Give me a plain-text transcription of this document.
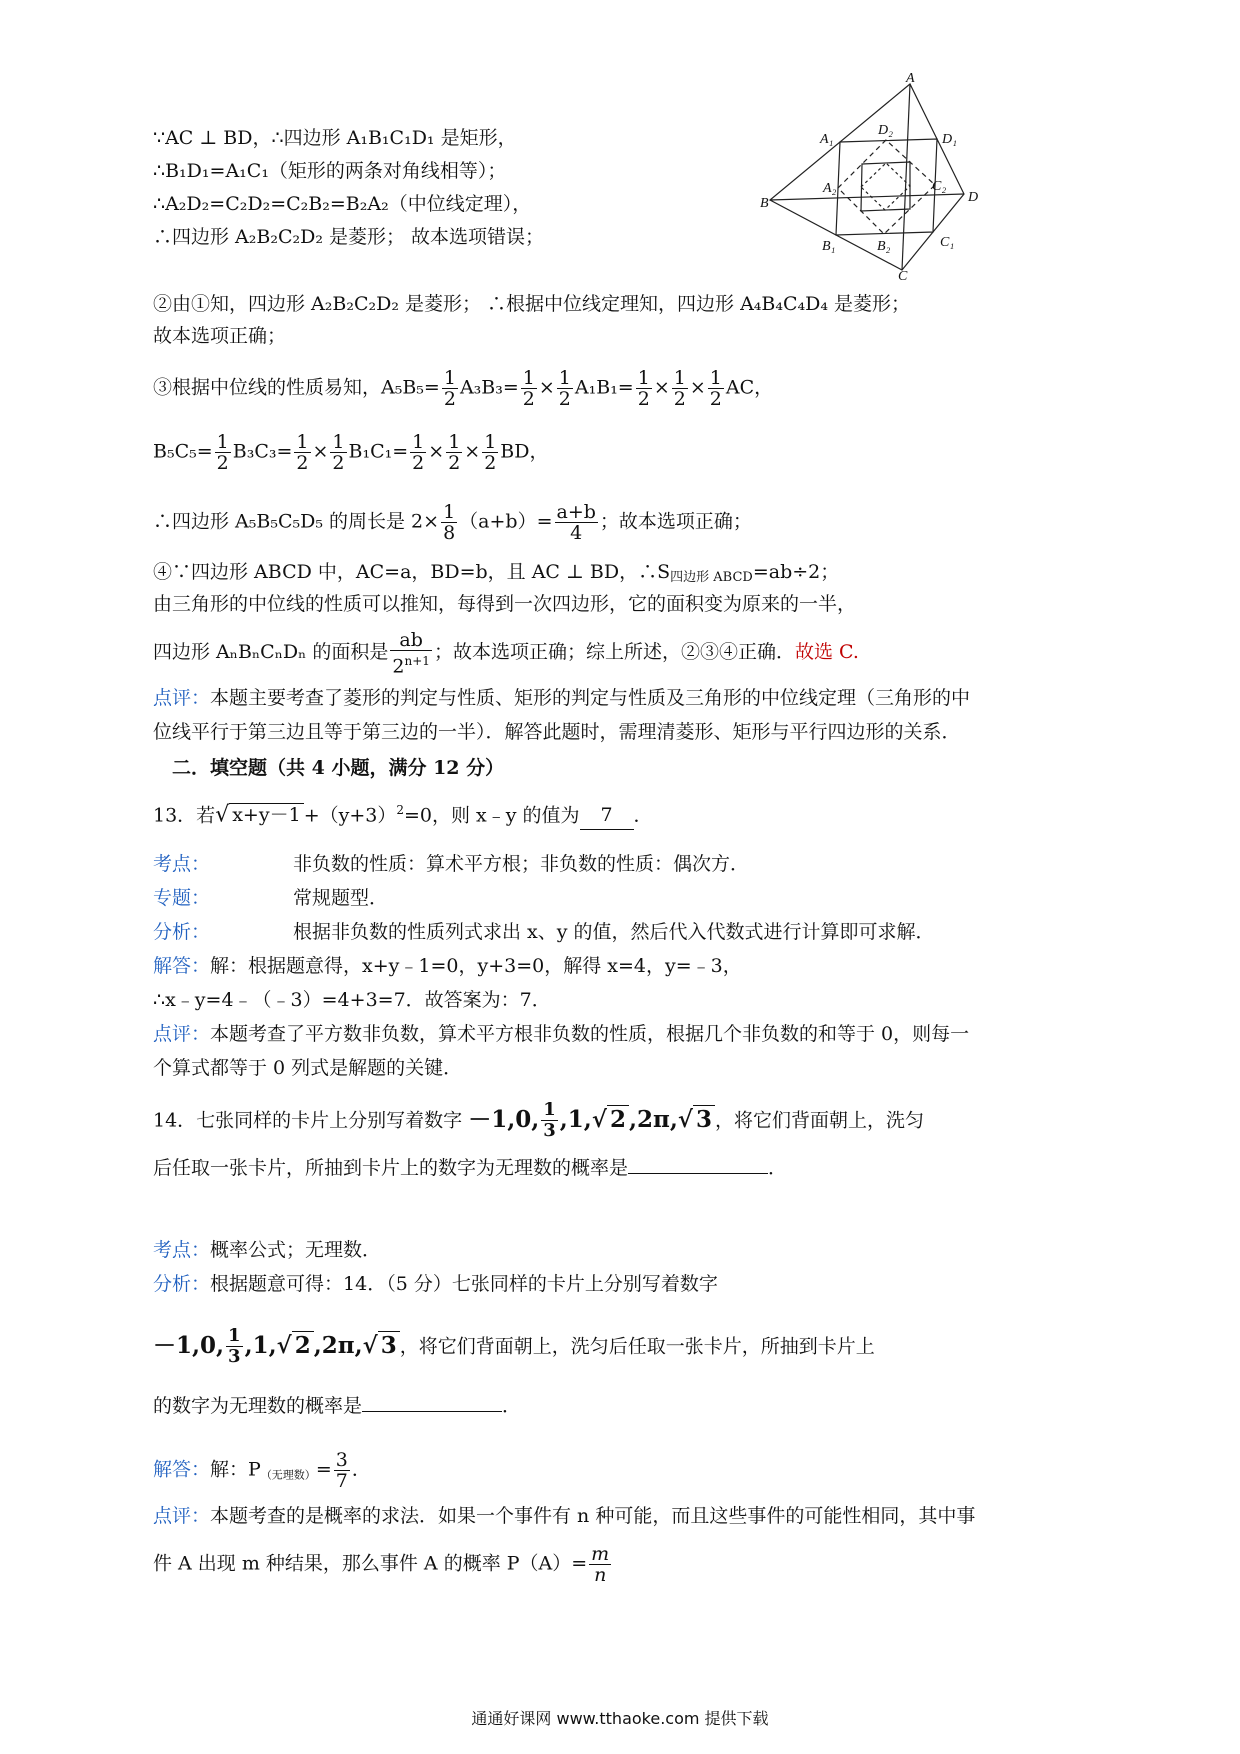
A
A₁
D₂
D₁
B
A₂	C₂
D
B₁	B₂	C₁
C
∵AC ⊥ BD，∴四边形 A₁B₁C₁D₁ 是矩形，
∴B₁D₁=A₁C₁（矩形的两条对角线相等）；
∴A₂D₂=C₂D₂=C₂B₂=B₂A₂（中位线定理），
∴四边形 A₂B₂C₂D₂ 是菱形； 故本选项错误；
②由①知，四边形 A₂B₂C₂D₂ 是菱形； ∴根据中位线定理知，四边形 A₄B₄C₄D₄ 是菱形；
故本选项正确；
③根据中位线的性质易知，$A_5B_5= \frac{1}{2} A_3B_3= \frac{1}{2} \times \frac{1}{2} A_1B_1= \frac{1}{2} \times \frac{1}{2} \times \frac{1}{2}$ AC，
$B_5C_5= \frac{1}{2} B_3C_3= \frac{1}{2} \times \frac{1}{2} B_1C_1= \frac{1}{2} \times \frac{1}{2} \times \frac{1}{2}$ BD，
∴四边形 A₅B₅C₅D₅ 的周长是 $2\times \frac{1}{8} (a+b)= \frac{a+b}{4}$ ；故本选项正确；
④∵四边形 ABCD 中，AC=a，BD=b，且 AC ⊥ BD，$\therefore S_{四边形 ABCD}=ab\div 2$；
由三角形的中位线的性质可以推知，每得到一次四边形，它的面积变为原来的一半，
四边形 AₙBₙCₙDₙ 的面积是 $\frac{ab}{2^{n+1}}$ ；故本选项正确；综上所述，②③④正确．故选 C.
点评：本题主要考查了菱形的判定与性质、矩形的判定与性质及三角形的中位线定理（三角形的中
位线平行于第三边且等于第三边的一半）．解答此题时，需理清菱形、矩形与平行四边形的关系．
二．填空题（共 4 小题，满分 12 分）
13．若√ $x+y-1 +(y+3)^2=0$，则 x﹣y 的值为 7 ．
考点：	非负数的性质：算术平方根；非负数的性质：偶次方．
专题：	常规题型．
分析：	根据非负数的性质列式求出 x、y 的值，然后代入代数式进行计算即可求解．
解答：解：根据题意得，x+y﹣1=0，y+3=0，解得 x=4，y=﹣3，
∴x﹣y=4﹣（﹣3）=4+3=7．故答案为：7．
点评：本题考查了平方数非负数，算术平方根非负数的性质，根据几个非负数的和等于 0，则每一
个算式都等于 0 列式是解题的关键．
14．七张同样的卡片上分别写着数字 －1,0, $\frac{1}{3} ,1,√$ 2 ,2π,√ 3 ，将它们背面朝上，洗匀
后任取一张卡片，所抽到卡片上的数字为无理数的概率是	．
考点：概率公式；无理数．
分析：根据题意可得：14．（5 分）七张同样的卡片上分别写着数字
－1,0, $\frac{1}{3} ,1,√$ 2 ,2π,√ 3 ，将它们背面朝上，洗匀后任取一张卡片，所抽到卡片上
的数字为无理数的概率是	．
解答：解：$P_{(无理数)}= \frac{3}{7}$ ．
点评：本题考查的是概率的求法．如果一个事件有 n 种可能，而且这些事件的可能性相同，其中事
件 A 出现 m 种结果，那么事件 A 的概率 $P(A)= \frac{m}{n}$
通通好课网 www.tthaoke.com 提供下载
